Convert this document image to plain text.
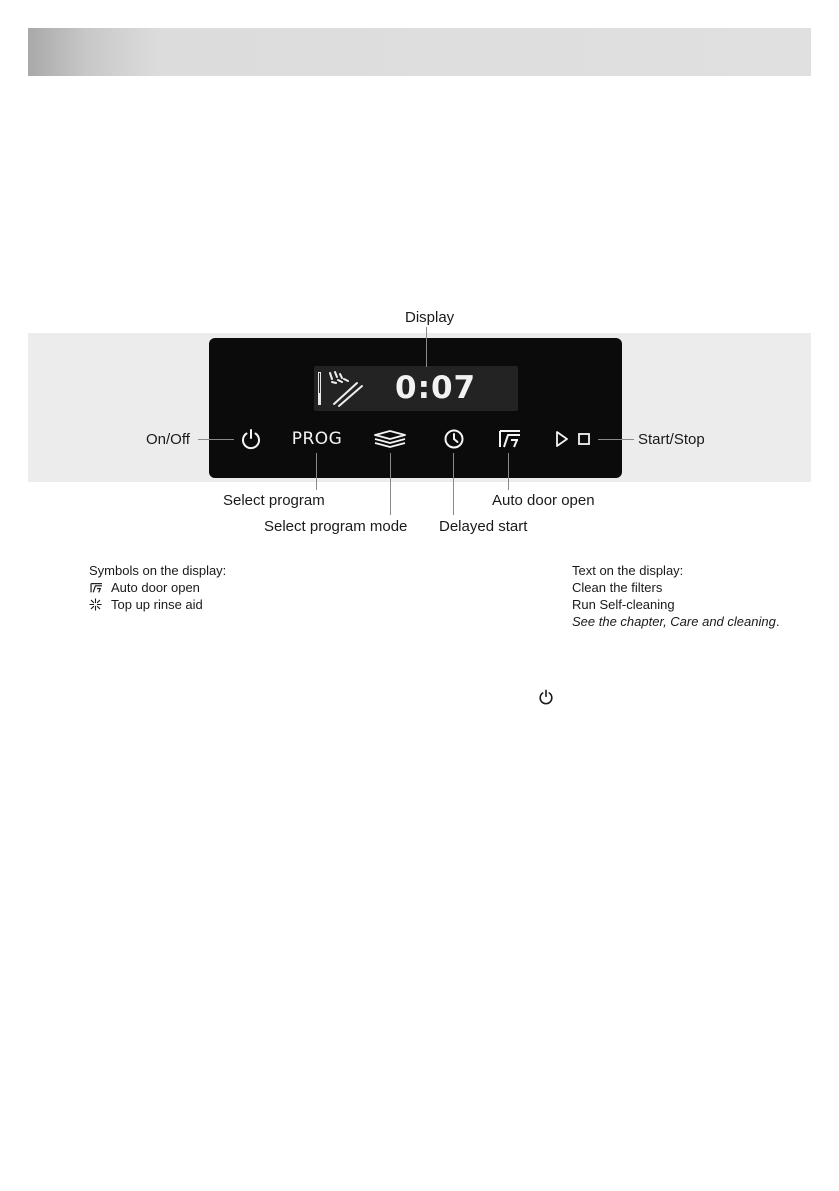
0:07
PROG
Display
On/Off	Start/Stop
Select program	Auto door open
Select program mode Delayed start
Symbols on the display:
Auto door open
Top up rinse aid
Text on the display:
Clean the filters
Run Self-cleaning
See the chapter, Care and cleaning.
